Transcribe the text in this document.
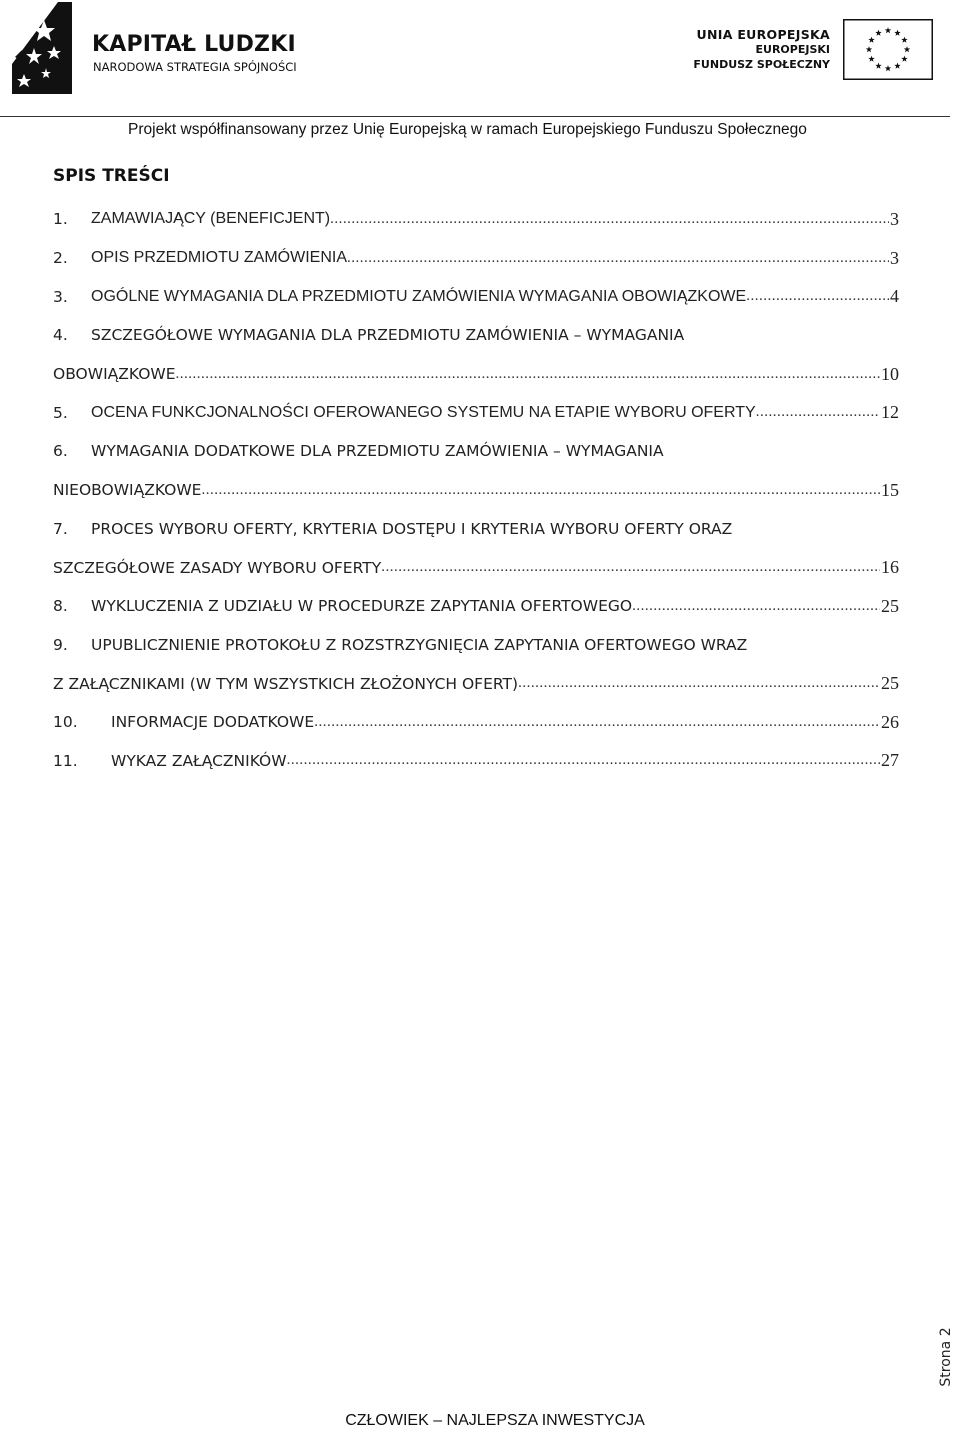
KAPITAŁ LUDZKI
NARODOWA STRATEGIA SPÓJNOŚCI
UNIA EUROPEJSKA
EUROPEJSKI
FUNDUSZ SPOŁECZNY
Projekt współfinansowany przez Unię Europejską w ramach Europejskiego Funduszu Społecznego
SPIS TREŚCI
1.	ZAMAWIAJĄCY (BENEFICJENT) .....	3
2.	OPIS PRZEDMIOTU ZAMÓWIENIA .....	3
3.	OGÓLNE WYMAGANIA DLA PRZEDMIOTU ZAMÓWIENIA WYMAGANIA OBOWIĄZKOWE .....	4
4.	SZCZEGÓŁOWE WYMAGANIA DLA PRZEDMIOTU ZAMÓWIENIA – WYMAGANIA
OBOWIĄZKOWE .....	10
5.	OCENA FUNKCJONALNOŚCI OFEROWANEGO SYSTEMU NA ETAPIE WYBORU OFERTY .....	12
6.	WYMAGANIA DODATKOWE DLA PRZEDMIOTU ZAMÓWIENIA – WYMAGANIA
NIEOBOWIĄZKOWE .....	15
7.	PROCES WYBORU OFERTY, KRYTERIA DOSTĘPU I KRYTERIA WYBORU OFERTY ORAZ
SZCZEGÓŁOWE ZASADY WYBORU OFERTY .....	16
8.	WYKLUCZENIA Z UDZIAŁU W PROCEDURZE ZAPYTANIA OFERTOWEGO .....	25
9.	UPUBLICZNIENIE PROTOKOŁU Z ROZSTRZYGNIĘCIA ZAPYTANIA OFERTOWEGO WRAZ
Z ZAŁĄCZNIKAMI (W TYM WSZYSTKICH ZŁOŻONYCH OFERT) .....	25
10.	INFORMACJE DODATKOWE .....	26
11.	WYKAZ ZAŁĄCZNIKÓW .....	27
Strona 2
CZŁOWIEK – NAJLEPSZA INWESTYCJA
